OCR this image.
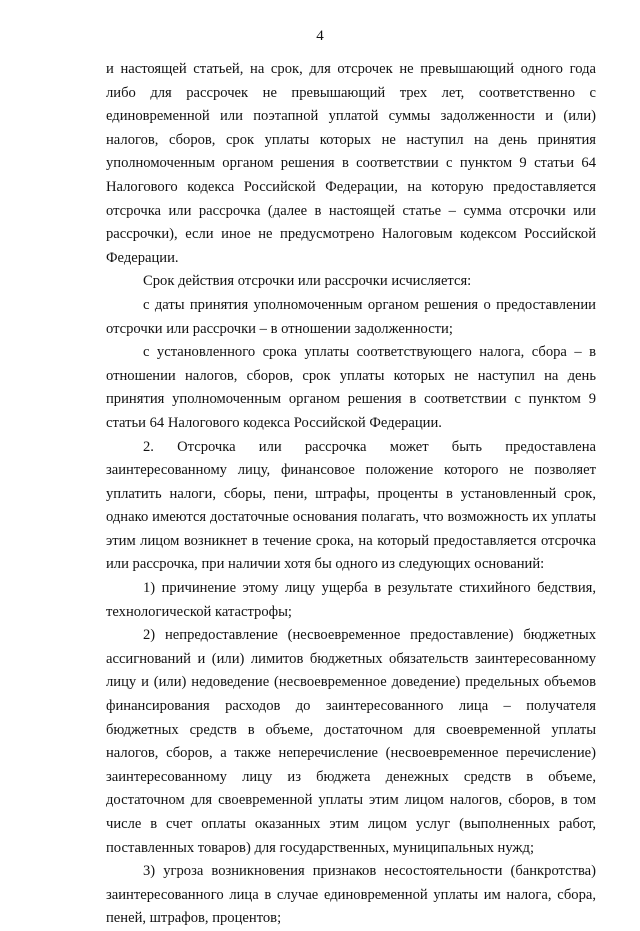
4

и настоящей статьей, на срок, для отсрочек не превышающий одного года либо для рассрочек не превышающий трех лет, соответственно с единовременной или поэтапной уплатой суммы задолженности и (или) налогов, сборов, срок уплаты которых не наступил на день принятия уполномоченным органом решения в соответствии с пунктом 9 статьи 64 Налогового кодекса Российской Федерации, на которую предоставляется отсрочка или рассрочка (далее в настоящей статье – сумма отсрочки или рассрочки), если иное не предусмотрено Налоговым кодексом Российской Федерации.

Срок действия отсрочки или рассрочки исчисляется:

с даты принятия уполномоченным органом решения о предоставлении отсрочки или рассрочки – в отношении задолженности;

с установленного срока уплаты соответствующего налога, сбора – в отношении налогов, сборов, срок уплаты которых не наступил на день принятия уполномоченным органом решения в соответствии с пунктом 9 статьи 64 Налогового кодекса Российской Федерации.

2. Отсрочка или рассрочка может быть предоставлена заинтересованному лицу, финансовое положение которого не позволяет уплатить налоги, сборы, пени, штрафы, проценты в установленный срок, однако имеются достаточные основания полагать, что возможность их уплаты этим лицом возникнет в течение срока, на который предоставляется отсрочка или рассрочка, при наличии хотя бы одного из следующих оснований:

1) причинение этому лицу ущерба в результате стихийного бедствия, технологической катастрофы;

2) непредоставление (несвоевременное предоставление) бюджетных ассигнований и (или) лимитов бюджетных обязательств заинтересованному лицу и (или) недоведение (несвоевременное доведение) предельных объемов финансирования расходов до заинтересованного лица – получателя бюджетных средств в объеме, достаточном для своевременной уплаты налогов, сборов, а также неперечисление (несвоевременное перечисление) заинтересованному лицу из бюджета денежных средств в объеме, достаточном для своевременной уплаты этим лицом налогов, сборов, в том числе в счет оплаты оказанных этим лицом услуг (выполненных работ, поставленных товаров) для государственных, муниципальных нужд;

3) угроза возникновения признаков несостоятельности (банкротства) заинтересованного лица в случае единовременной уплаты им налога, сбора, пеней, штрафов, процентов;
